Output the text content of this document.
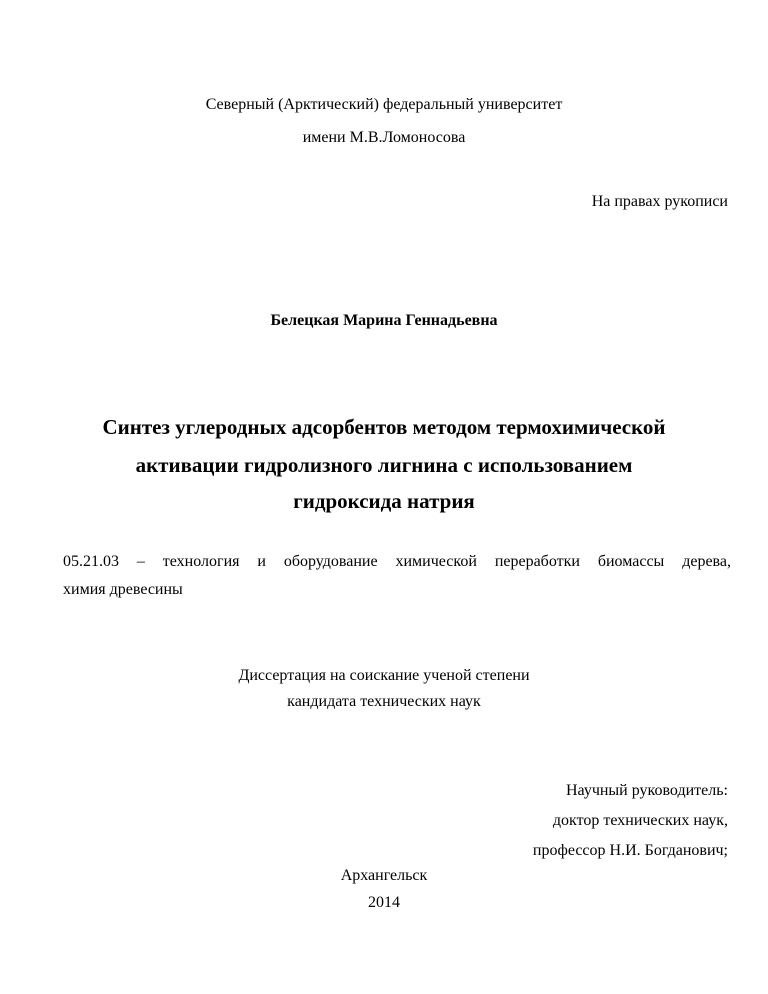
Северный (Арктический) федеральный университет
имени М.В.Ломоносова
На правах рукописи
Белецкая Марина Геннадьевна
Синтез углеродных адсорбентов методом термохимической
активации гидролизного лигнина с использованием
гидроксида натрия
05.21.03 – технология и оборудование химической переработки биомассы дерева,
химия древесины
Диссертация на соискание ученой степени
кандидата технических наук
Научный руководитель:
доктор технических наук,
профессор Н.И. Богданович;
Архангельск
2014
